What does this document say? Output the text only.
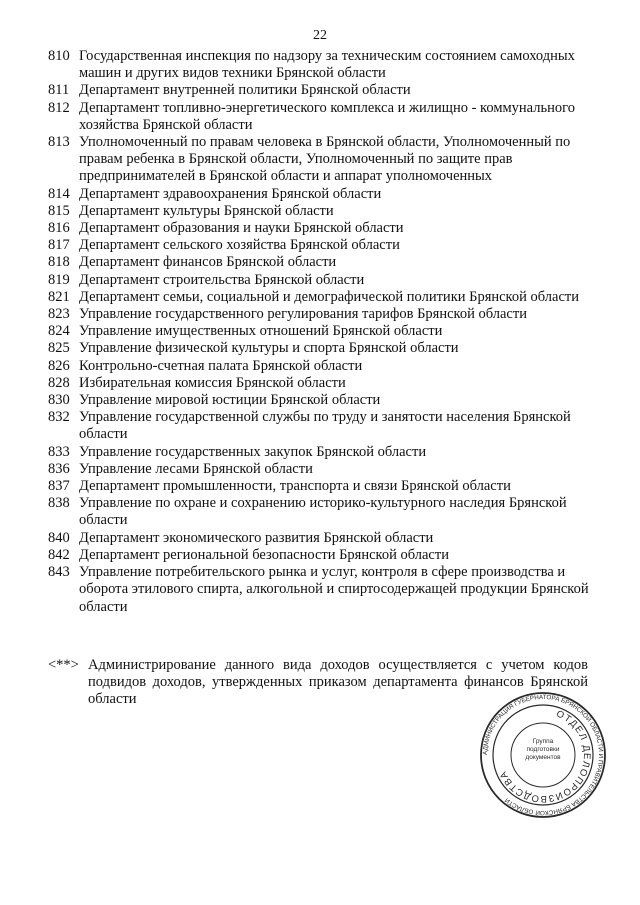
22

810 Государственная инспекция по надзору за техническим состоянием самоходных машин и других видов техники Брянской области

811 Департамент внутренней политики Брянской области

812 Департамент топливно-энергетического комплекса и жилищно - коммунального хозяйства Брянской области

813 Уполномоченный по правам человека в Брянской области, Уполномоченный по правам ребенка в Брянской области, Уполномоченный по защите прав предпринимателей в Брянской области и аппарат уполномоченных

814 Департамент здравоохранения Брянской области

815 Департамент культуры Брянской области

816 Департамент образования и науки Брянской области

817 Департамент сельского хозяйства Брянской области

818 Департамент финансов Брянской области

819 Департамент строительства Брянской области

821 Департамент семьи, социальной и демографической политики Брянской области

823 Управление государственного регулирования тарифов Брянской области

824 Управление имущественных отношений Брянской области

825 Управление физической культуры и спорта Брянской области

826 Контрольно-счетная палата Брянской области

828 Избирательная комиссия Брянской области

830 Управление мировой юстиции Брянской области

832 Управление государственной службы по труду и занятости населения Брянской области

833 Управление государственных закупок Брянской области

836 Управление лесами Брянской области

837 Департамент промышленности, транспорта и связи Брянской области

838 Управление по охране и сохранению историко-культурного наследия Брянской области

840 Департамент экономического развития Брянской области

842 Департамент региональной безопасности Брянской области

843 Управление потребительского рынка и услуг, контроля в сфере производства и оборота этилового спирта, алкогольной и спиртосодержащей продукции Брянской области

<**> Администрирование данного вида доходов осуществляется с учетом кодов подвидов доходов, утвержденных приказом департамента финансов Брянской области
АДМИНИСТРАЦИЯ ГУБЕРНАТОРА БРЯНСКОЙ ОБЛАСТИ И ПРАВИТЕЛЬСТВА БРЯНСКОЙ ОБЛАСТИ
ОТДЕЛ ДЕЛОПРОИЗВОДСТВА
Группа подготовки документов
